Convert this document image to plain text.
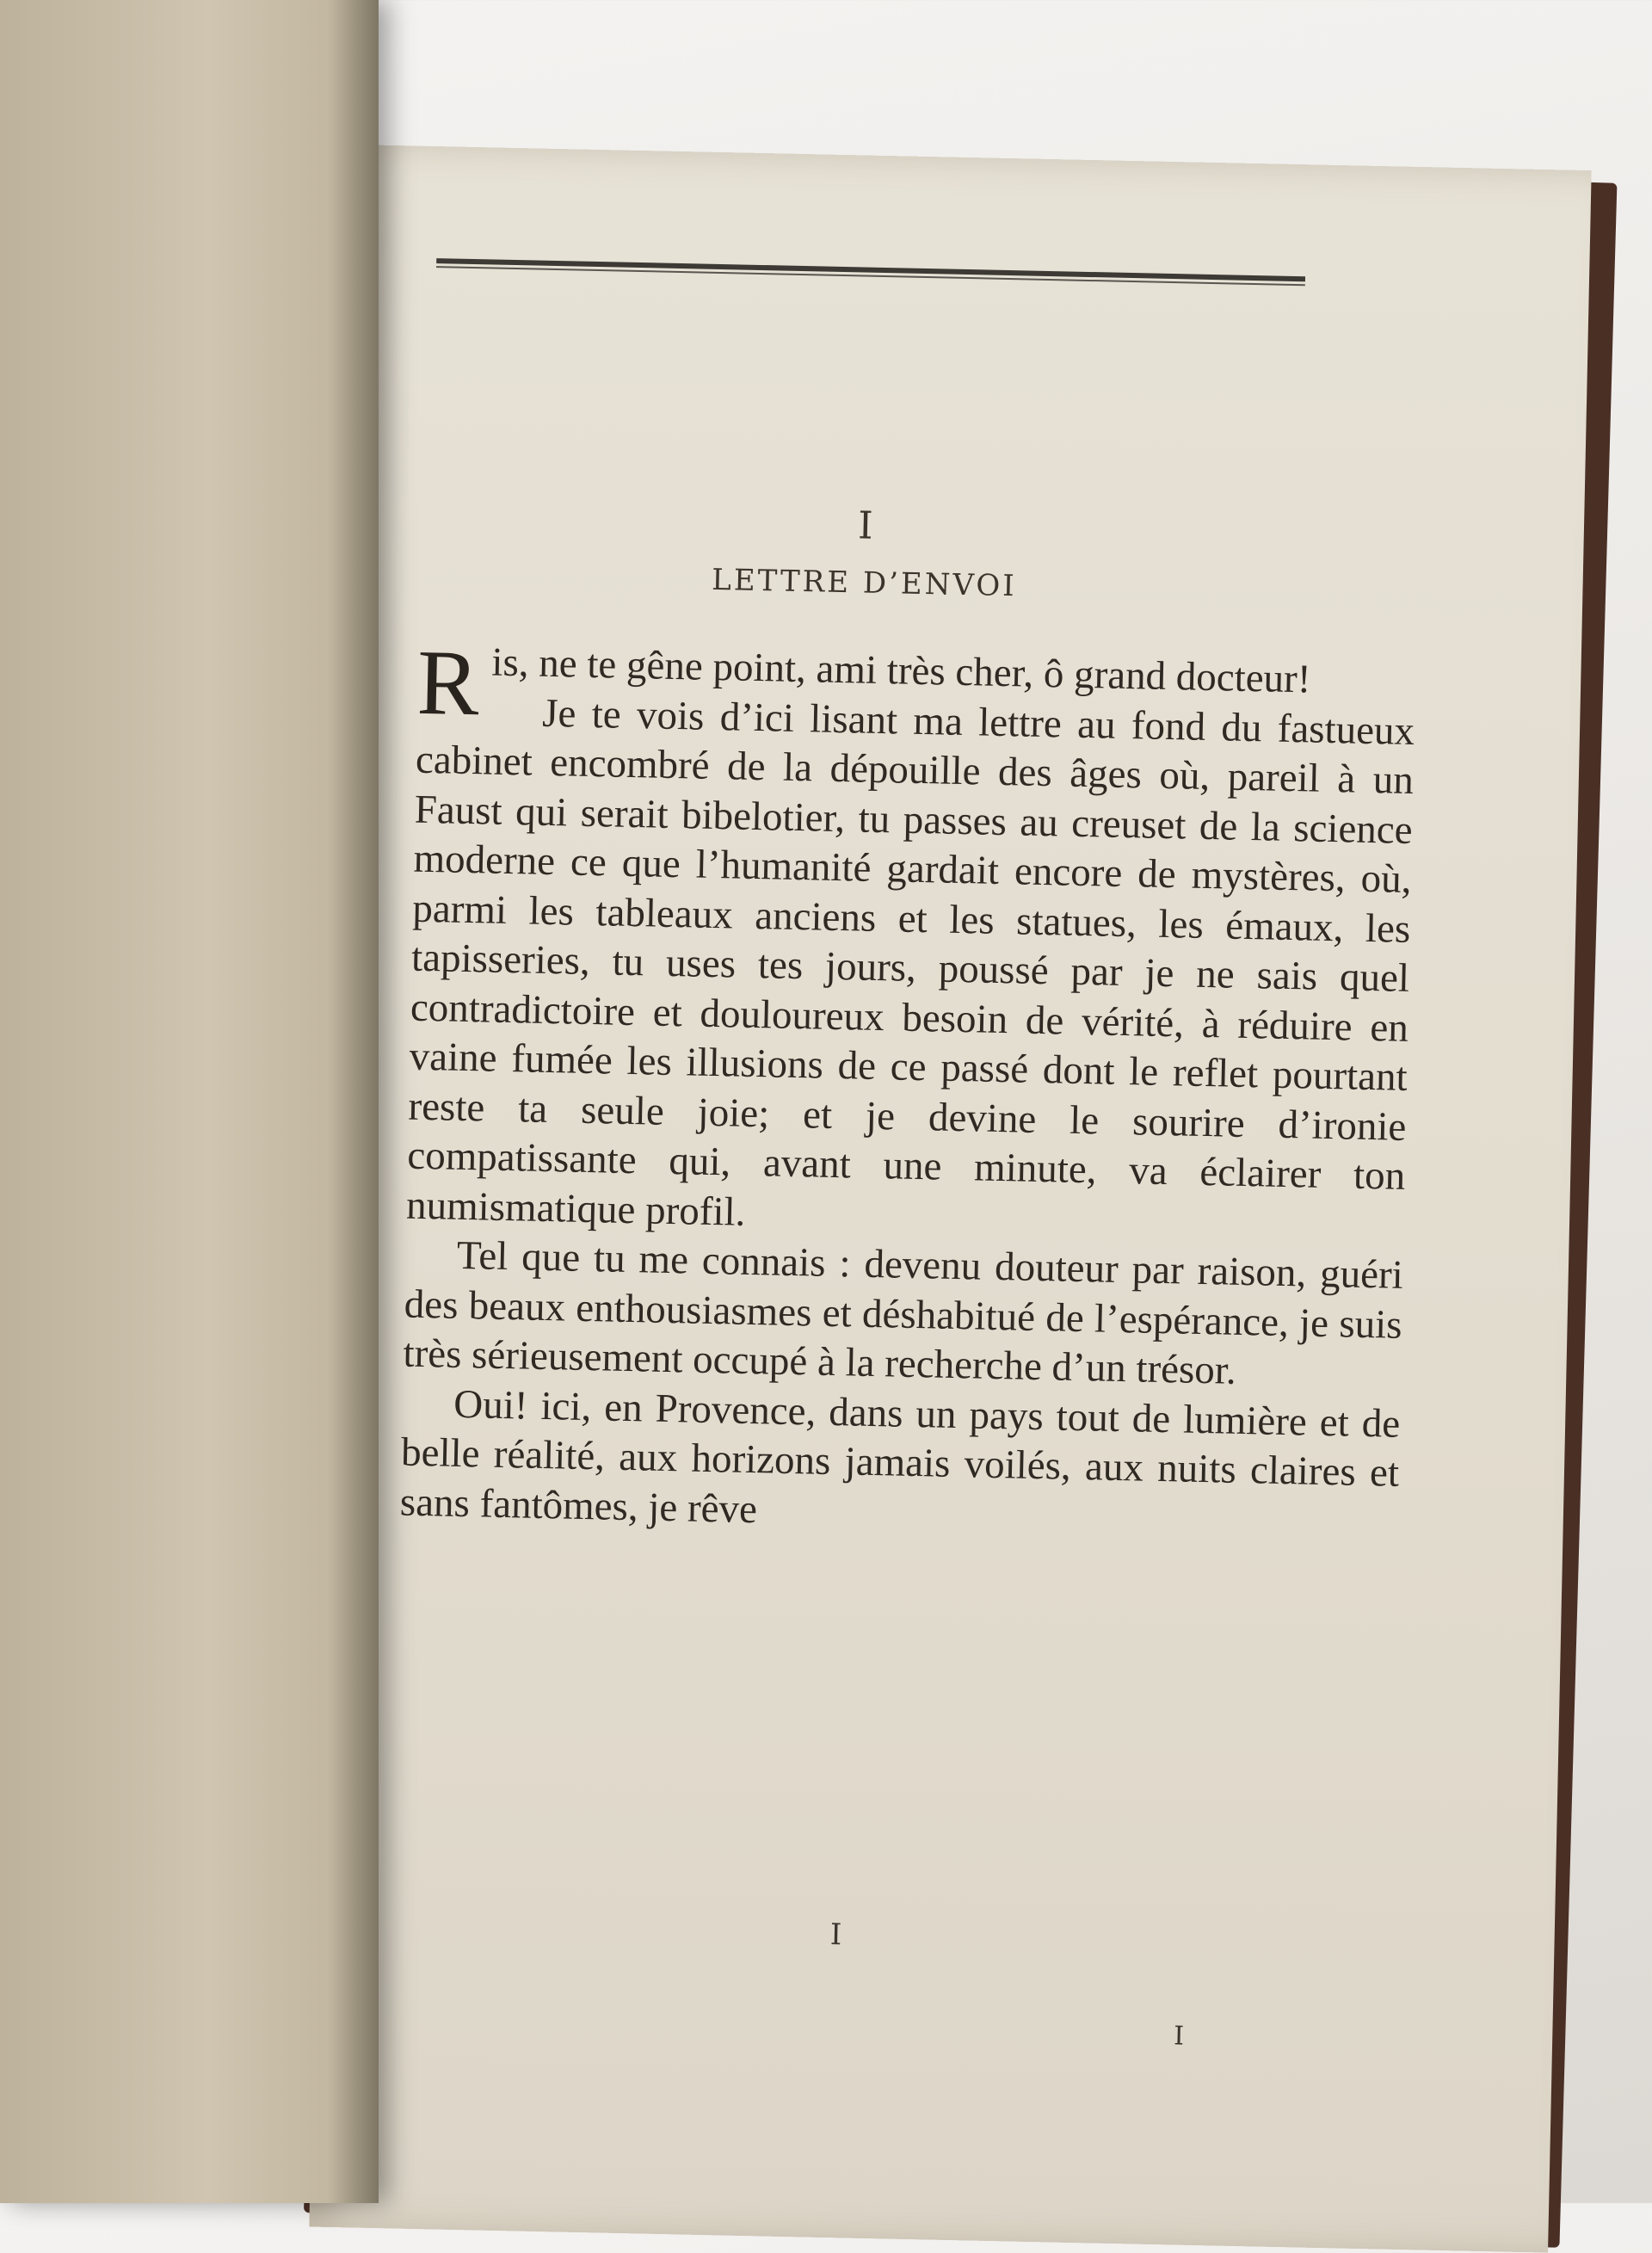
I
LETTRE D’ENVOI

Ris, ne te gêne point, ami très cher, ô grand docteur!

Je te vois d’ici lisant ma lettre au fond du fastueux cabinet encombré de la dépouille des âges où, pareil à un Faust qui serait bibelotier, tu passes au creuset de la science moderne ce que l’humanité gardait encore de mystères, où, parmi les tableaux anciens et les statues, les émaux, les tapisseries, tu uses tes jours, poussé par je ne sais quel contradictoire et douloureux besoin de vérité, à réduire en vaine fumée les illusions de ce passé dont le reflet pourtant reste ta seule joie; et je devine le sourire d’ironie compatissante qui, avant une minute, va éclairer ton numismatique profil.

Tel que tu me connais : devenu douteur par raison, guéri des beaux enthousiasmes et déshabitué de l’espérance, je suis très sérieusement occupé à la recherche d’un trésor.

Oui! ici, en Provence, dans un pays tout de lumière et de belle réalité, aux horizons jamais voilés, aux nuits claires et sans fantômes, je rêve

I
I
